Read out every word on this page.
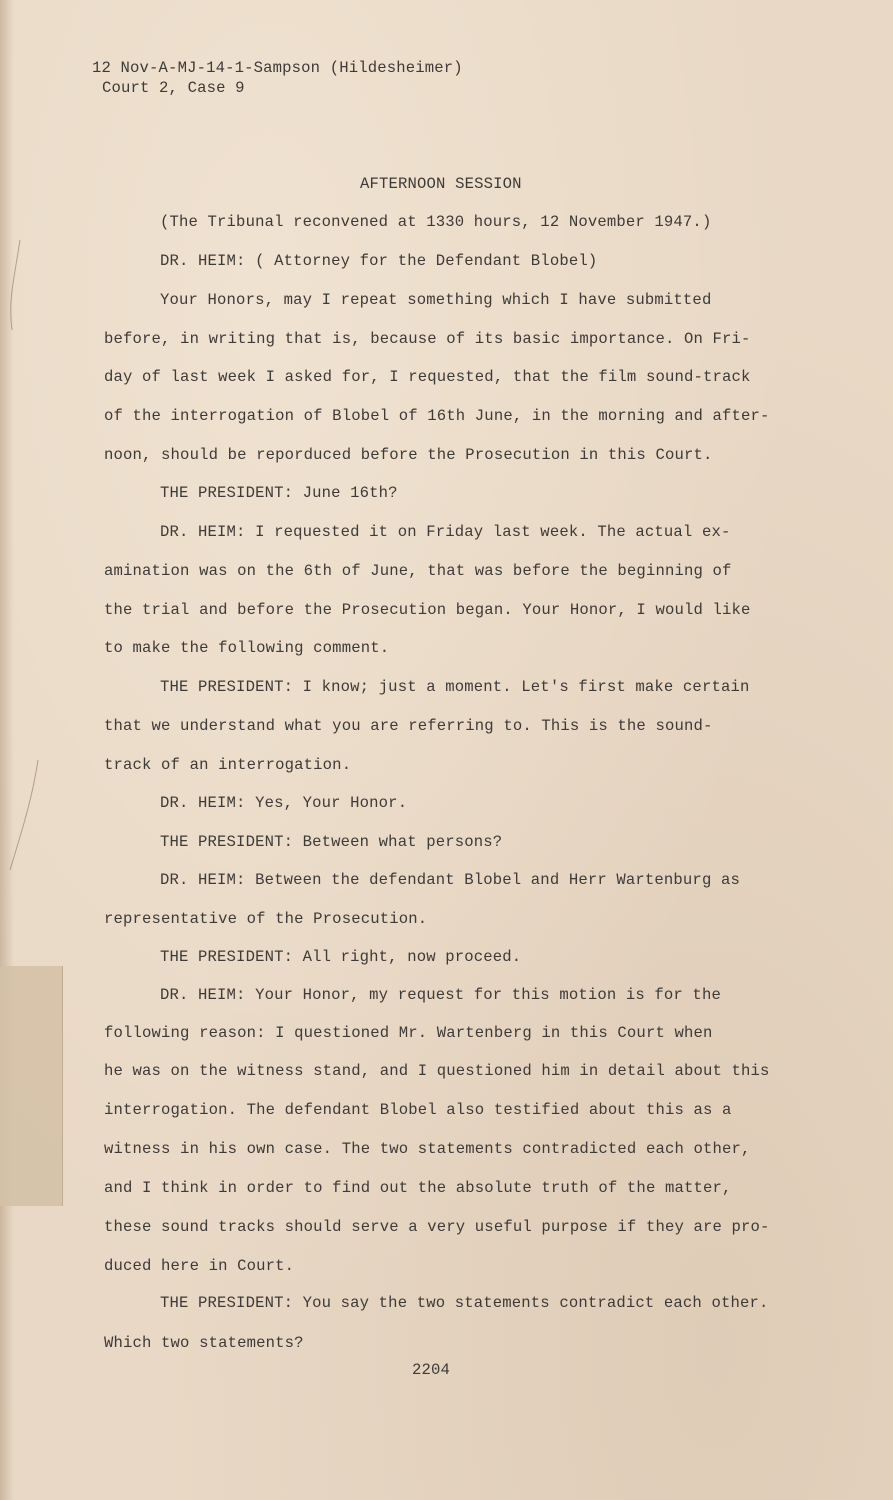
12 Nov-A-MJ-14-1-Sampson (Hildesheimer)
Court 2, Case 9
AFTERNOON SESSION
(The Tribunal reconvened at 1330 hours, 12 November 1947.)
DR. HEIM: ( Attorney for the Defendant Blobel)
Your Honors, may I repeat something which I have submitted
before, in writing that is, because of its basic importance. On Fri-
day of last week I asked for, I requested, that the film sound-track
of the interrogation of Blobel of 16th June, in the morning and after-
noon, should be reporduced before the Prosecution in this Court.
THE PRESIDENT: June 16th?
DR. HEIM: I requested it on Friday last week. The actual ex-
amination was on the 6th of June, that was before the beginning of
the trial and before the Prosecution began. Your Honor, I would like
to make the following comment.
THE PRESIDENT: I know; just a moment. Let's first make certain
that we understand what you are referring to. This is the sound-
track of an interrogation.
DR. HEIM: Yes, Your Honor.
THE PRESIDENT: Between what persons?
DR. HEIM: Between the defendant Blobel and Herr Wartenburg as
representative of the Prosecution.
THE PRESIDENT: All right, now proceed.
DR. HEIM: Your Honor, my request for this motion is for the
following reason: I questioned Mr. Wartenberg in this Court when
he was on the witness stand, and I questioned him in detail about this
interrogation. The defendant Blobel also testified about this as a
witness in his own case. The two statements contradicted each other,
and I think in order to find out the absolute truth of the matter,
these sound tracks should serve a very useful purpose if they are pro-
duced here in Court.
THE PRESIDENT: You say the two statements contradict each other.
Which two statements?
2204
